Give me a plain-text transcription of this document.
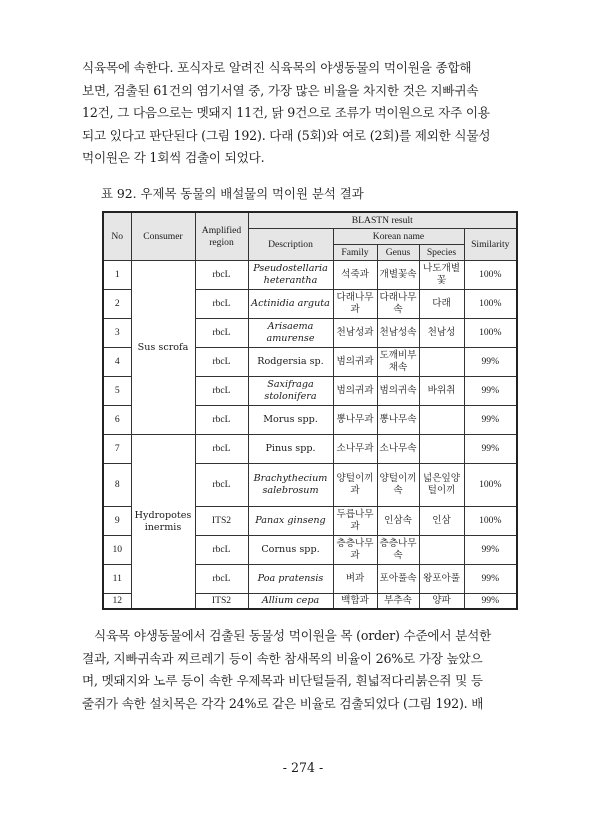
식육목에 속한다. 포식자로 알려진 식육목의 야생동물의 먹이원을 종합해
보면, 검출된 61건의 염기서열 중, 가장 많은 비율을 차지한 것은 지빠귀속
12건, 그 다음으로는 멧돼지 11건, 닭 9건으로 조류가 먹이원으로 자주 이용
되고 있다고 판단된다 (그림 192). 다래 (5회)와 여로 (2회)를 제외한 식물성
먹이원은 각 1회씩 검출이 되었다.

표 92. 우제목 동물의 배설물의 먹이원 분석 결과

No	Consumer	Amplified region	BLASTN result				
			Description	Korean name			Similarity
				Family	Genus	Species	
1	Sus scrofa	rbcL	Pseudostellaria heterantha	석죽과	개별꽃속	나도개별꽃	100%
2		rbcL	Actinidia arguta	다래나무과	다래나무속	다래	100%
3		rbcL	Arisaema amurense	천남성과	천남성속	천남성	100%
4		rbcL	Rodgersia sp.	범의귀과	도깨비부채속		99%
5		rbcL	Saxifraga stolonifera	범의귀과	범의귀속	바위취	99%
6		rbcL	Morus spp.	뽕나무과	뽕나무속		99%
7	Hydropotes inermis	rbcL	Pinus spp.	소나무과	소나무속		99%
8		rbcL	Brachythecium salebrosum	양털이끼과	양털이끼속	넓은잎양털이끼	100%
9		ITS2	Panax ginseng	두릅나무과	인삼속	인삼	100%
10		rbcL	Cornus spp.	층층나무과	층층나무속		99%
11		rbcL	Poa pratensis	벼과	포아풀속	왕포아풀	99%
12		ITS2	Allium cepa	백합과	부추속	양파	99%
식육목 야생동물에서 검출된 동물성 먹이원을 목 (order) 수준에서 분석한
결과, 지빠귀속과 찌르레기 등이 속한 참새목의 비율이 26%로 가장 높았으
며, 멧돼지와 노루 등이 속한 우제목과 비단털들쥐, 흰넓적다리붉은쥐 및 등
줄쥐가 속한 설치목은 각각 24%로 같은 비율로 검출되었다 (그림 192). 배
- 274 -
